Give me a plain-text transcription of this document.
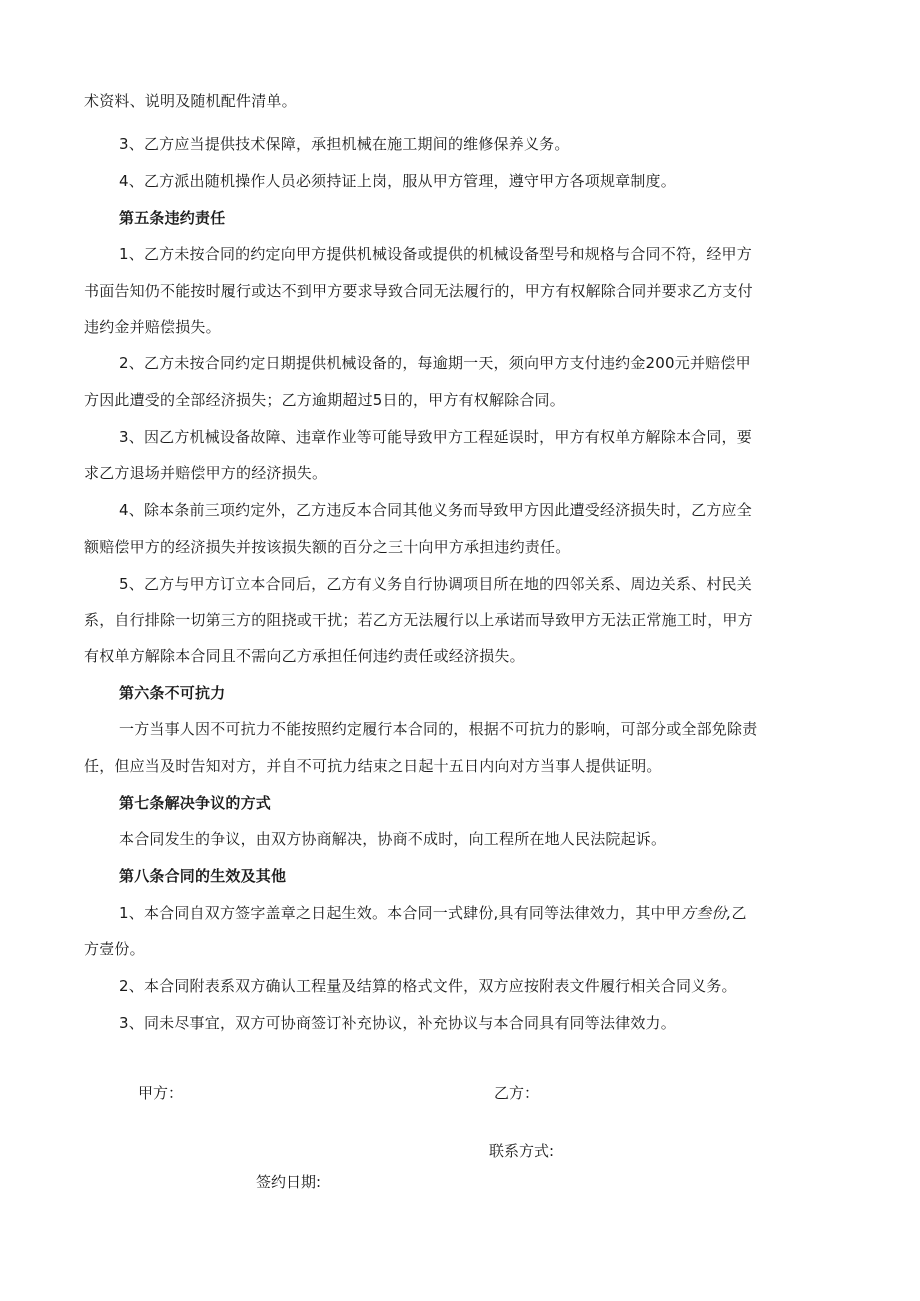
术资料、说明及随机配件清单。
3、乙方应当提供技术保障，承担机械在施工期间的维修保养义务。
4、乙方派出随机操作人员必须持证上岗，服从甲方管理，遵守甲方各项规章制度。
第五条违约责任
1、乙方未按合同的约定向甲方提供机械设备或提供的机械设备型号和规格与合同不符，经甲方
书面告知仍不能按时履行或达不到甲方要求导致合同无法履行的，甲方有权解除合同并要求乙方支付
违约金并赔偿损失。
2、乙方未按合同约定日期提供机械设备的，每逾期一天，须向甲方支付违约金200元并赔偿甲
方因此遭受的全部经济损失；乙方逾期超过5日的，甲方有权解除合同。
3、因乙方机械设备故障、违章作业等可能导致甲方工程延误时，甲方有权单方解除本合同，要
求乙方退场并赔偿甲方的经济损失。
4、除本条前三项约定外，乙方违反本合同其他义务而导致甲方因此遭受经济损失时，乙方应全
额赔偿甲方的经济损失并按该损失额的百分之三十向甲方承担违约责任。
5、乙方与甲方订立本合同后，乙方有义务自行协调项目所在地的四邻关系、周边关系、村民关
系，自行排除一切第三方的阻挠或干扰；若乙方无法履行以上承诺而导致甲方无法正常施工时，甲方
有权单方解除本合同且不需向乙方承担任何违约责任或经济损失。
第六条不可抗力
一方当事人因不可抗力不能按照约定履行本合同的，根据不可抗力的影响，可部分或全部免除责
任，但应当及时告知对方，并自不可抗力结束之日起十五日内向对方当事人提供证明。
第七条解决争议的方式
本合同发生的争议，由双方协商解决，协商不成时，向工程所在地人民法院起诉。
第八条合同的生效及其他
1、本合同自双方签字盖章之日起生效。本合同一式肆份,具有同等法律效力，其中甲方叁份,乙
方壹份。
2、本合同附表系双方确认工程量及结算的格式文件，双方应按附表文件履行相关合同义务。
3、同未尽事宜，双方可协商签订补充协议，补充协议与本合同具有同等法律效力。
甲方：	乙方：
联系方式:
签约日期:
